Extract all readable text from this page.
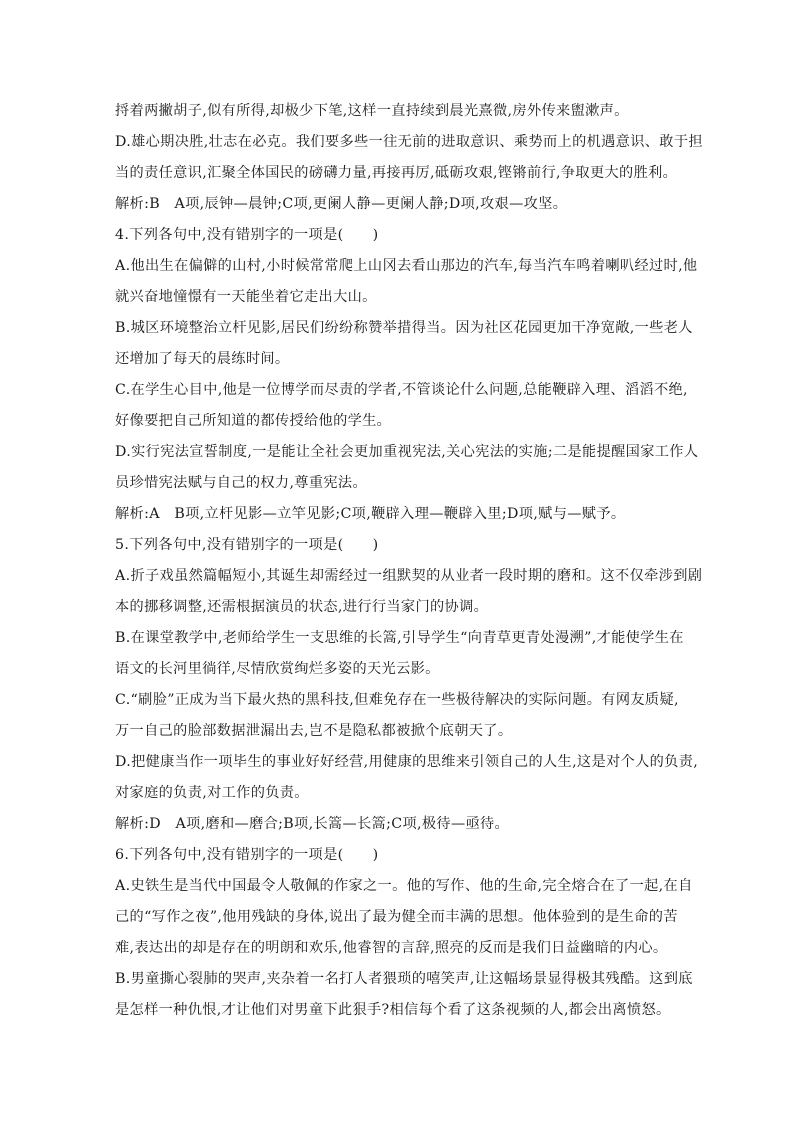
捋着两撇胡子,似有所得,却极少下笔,这样一直持续到晨光熹微,房外传来盥漱声。
D.雄心期决胜,壮志在必克。我们要多些一往无前的进取意识、乘势而上的机遇意识、敢于担
当的责任意识,汇聚全体国民的磅礴力量,再接再厉,砥砺攻艰,铿锵前行,争取更大的胜利。
解析:B　A项,辰钟—晨钟;C项,更阑人静—更阑人静;D项,攻艰—攻坚。
4.下列各句中,没有错别字的一项是(　　)
A.他出生在偏僻的山村,小时候常常爬上山冈去看山那边的汽车,每当汽车鸣着喇叭经过时,他
就兴奋地憧憬有一天能坐着它走出大山。
B.城区环境整治立杆见影,居民们纷纷称赞举措得当。因为社区花园更加干净宽敞,一些老人
还增加了每天的晨练时间。
C.在学生心目中,他是一位博学而尽责的学者,不管谈论什么问题,总能鞭辟入理、滔滔不绝,
好像要把自己所知道的都传授给他的学生。
D.实行宪法宣誓制度,一是能让全社会更加重视宪法,关心宪法的实施;二是能提醒国家工作人
员珍惜宪法赋与自己的权力,尊重宪法。
解析:A　B项,立杆见影—立竿见影;C项,鞭辟入理—鞭辟入里;D项,赋与—赋予。
5.下列各句中,没有错别字的一项是(　　)
A.折子戏虽然篇幅短小,其诞生却需经过一组默契的从业者一段时期的磨和。这不仅牵涉到剧
本的挪移调整,还需根据演员的状态,进行行当家门的协调。
B.在课堂教学中,老师给学生一支思维的长篙,引导学生“向青草更青处漫溯”,才能使学生在
语文的长河里徜徉,尽情欣赏绚烂多姿的天光云影。
C.“刷脸”正成为当下最火热的黑科技,但难免存在一些极待解决的实际问题。有网友质疑,
万一自己的脸部数据泄漏出去,岂不是隐私都被掀个底朝天了。
D.把健康当作一项毕生的事业好好经营,用健康的思维来引领自己的人生,这是对个人的负责,
对家庭的负责,对工作的负责。
解析:D　A项,磨和—磨合;B项,长篙—长篙;C项,极待—亟待。
6.下列各句中,没有错别字的一项是(　　)
A.史铁生是当代中国最令人敬佩的作家之一。他的写作、他的生命,完全熔合在了一起,在自
己的“写作之夜”,他用残缺的身体,说出了最为健全而丰满的思想。他体验到的是生命的苦
难,表达出的却是存在的明朗和欢乐,他睿智的言辞,照亮的反而是我们日益幽暗的内心。
B.男童撕心裂肺的哭声,夹杂着一名打人者猥琐的嘻笑声,让这幅场景显得极其残酷。这到底
是怎样一种仇恨,才让他们对男童下此狠手?相信每个看了这条视频的人,都会出离愤怒。
